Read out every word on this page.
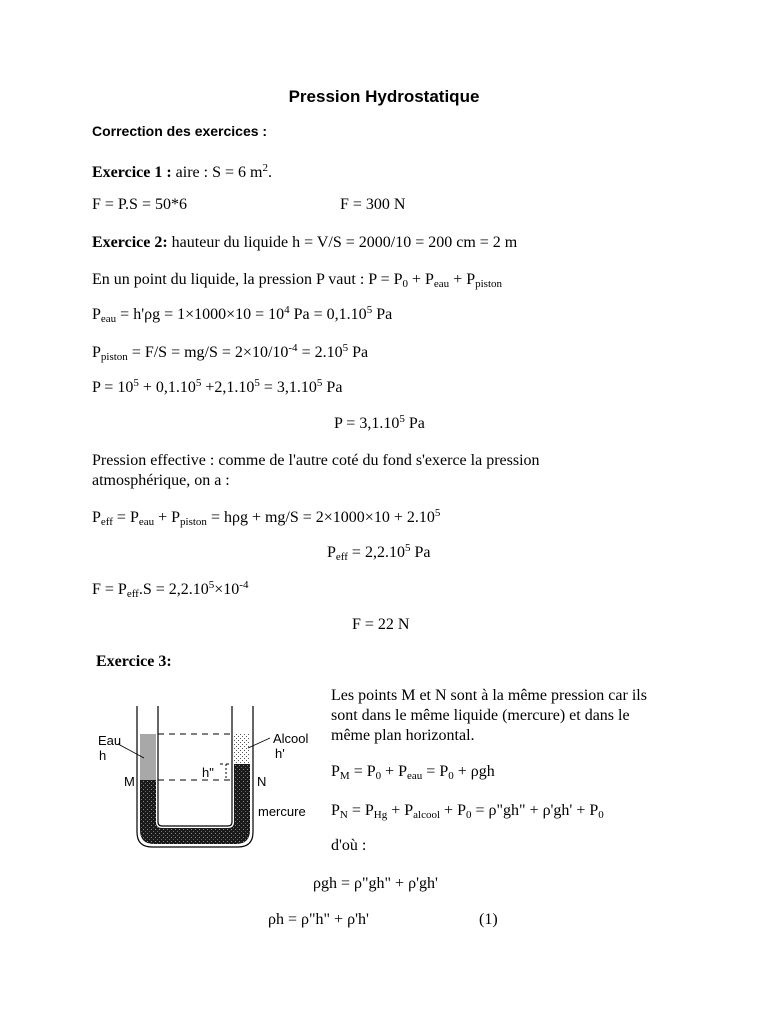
Pression Hydrostatique
Correction des exercices :
Exercice 1 : aire : S = 6 $m^2$.
F = P.S = 50*6	F = 300 N
Exercice 2: hauteur du liquide h = V/S = 2000/10 = 200 cm = 2 m
En un point du liquide, la pression P vaut : $P = P_0 + P_{eau} + P_{piston}$
$P_{eau} = h'\rho g = 1\times 1000\times 10 = 10^4$ $Pa = 0,1.10^5$ Pa
$P_{piston} = F/S = mg/S = 2\times 10/10^{-4} = 2.10^5$ Pa
$P = 10^5 + 0,1.10^5 +2,1.10^5 = 3,1.10^5$ Pa
$P = 3,1.10^5$ Pa
Pression effective : comme de l'autre coté du fond s'exerce la pression
atmosphérique, on a :
$P_{eff} = P_{eau} + P_{piston} = h\rho g + mg/S = 2\times 1000\times 10 + 2.10^5$
$P_{eff} = 2,2.10^5$ Pa
$F = P_{eff}.S = 2,2.10^5\times 10^{-4}$
F = 22 N
Exercice 3:
Les points M et N sont à la même pression car ils
sont dans le même liquide (mercure) et dans le
même plan horizontal.
$P_M = P_0 + P_{eau} = P_0 + \rho gh$
$P_N = P_{Hg} + P_{alcool} + P_0$ = ρ"gh" + $\rho'gh' + P_0$
d'où :
ρgh = ρ"gh" + ρ'gh'
ρh = ρ"h" + ρ'h'	(1)
Eau
h
M
h"
N
Alcool
h'
mercure
